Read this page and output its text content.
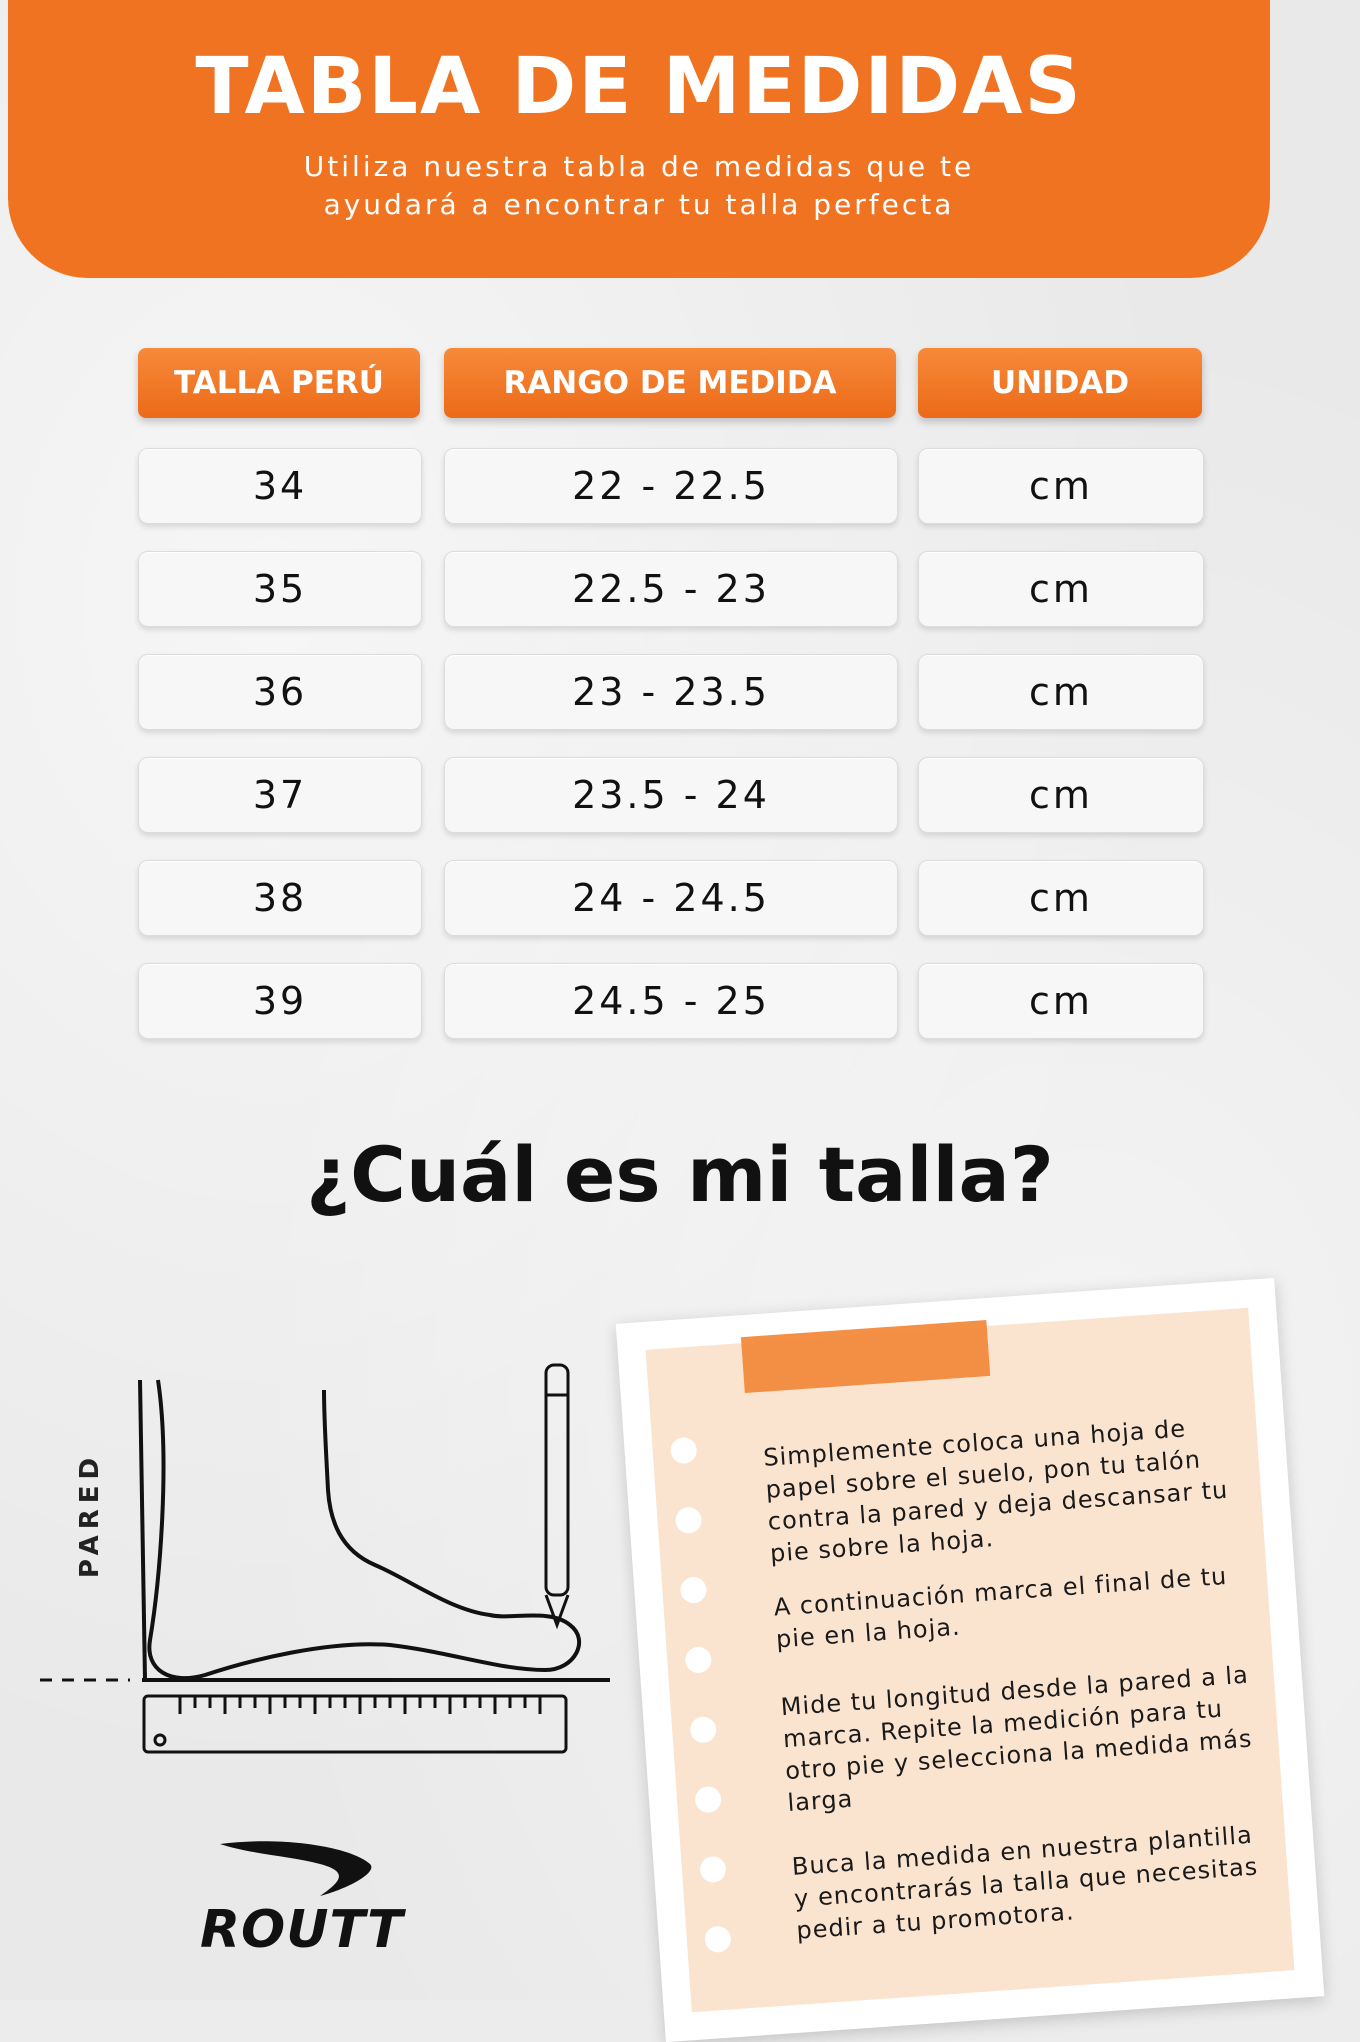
TABLA DE MEDIDAS
Utiliza nuestra tabla de medidas que te
ayudará a encontrar tu talla perfecta
TALLA PERÚ	RANGO DE MEDIDA	UNIDAD
34	22 - 22.5	cm
35	22.5 - 23	cm
36	23 - 23.5	cm
37	23.5 - 24	cm
38	24 - 24.5	cm
39	24.5 - 25	cm
¿Cuál es mi talla?
PARED
Simplemente coloca una hoja de papel sobre el suelo, pon tu talón contra la pared y deja descansar tu pie sobre la hoja.
A continuación marca el final de tu pie en la hoja.
Mide tu longitud desde la pared a la marca. Repite la medición para tu otro pie y selecciona la medida más larga
Buca la medida en nuestra plantilla y encontrarás la talla que necesitas pedir a tu promotora.
ROUTT
